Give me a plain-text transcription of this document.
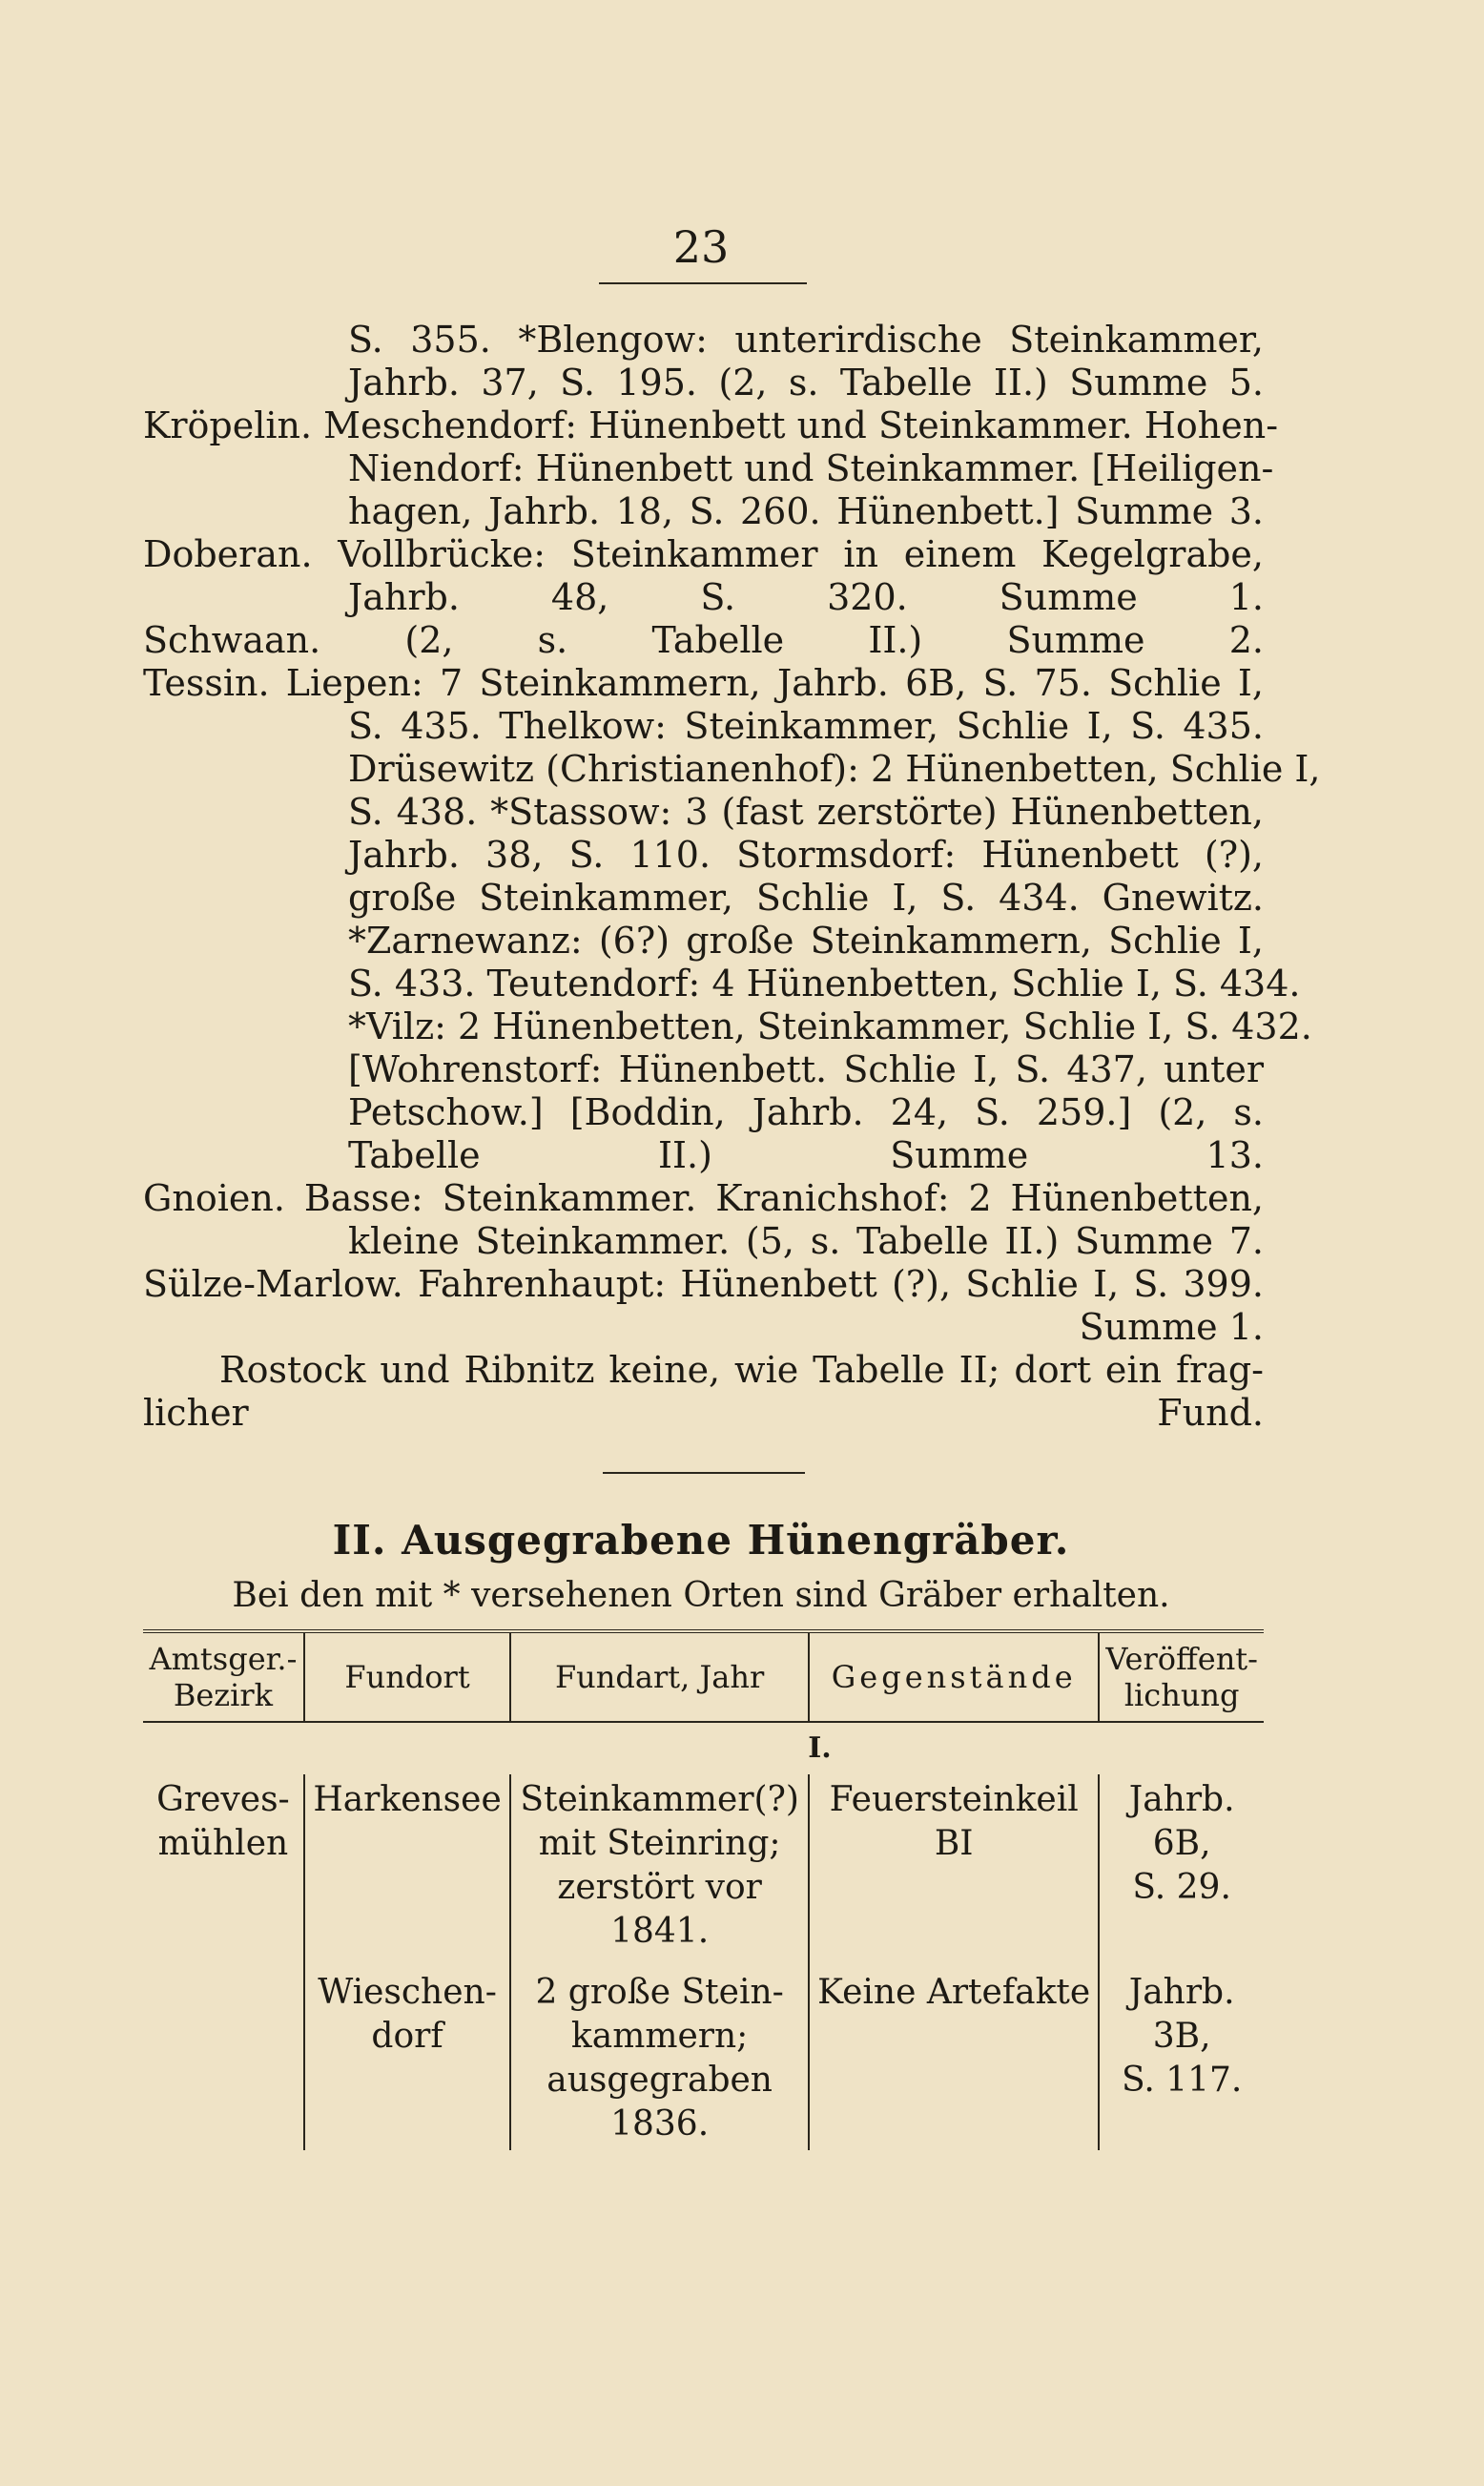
23
S. 355. *Blengow: unterirdische Steinkammer,
Jahrb. 37, S. 195. (2, s. Tabelle II.) Summe 5.
Kröpelin. Meschendorf: Hünenbett und Steinkammer. Hohen-
Niendorf: Hünenbett und Steinkammer. [Heiligen-
hagen, Jahrb. 18, S. 260. Hünenbett.] Summe 3.
Doberan. Vollbrücke: Steinkammer in einem Kegelgrabe,
Jahrb. 48, S. 320. Summe 1.
Schwaan. (2, s. Tabelle II.) Summe 2.
Tessin. Liepen: 7 Steinkammern, Jahrb. 6B, S. 75. Schlie I,
S. 435. Thelkow: Steinkammer, Schlie I, S. 435.
Drüsewitz (Christianenhof): 2 Hünenbetten, Schlie I,
S. 438. *Stassow: 3 (fast zerstörte) Hünenbetten,
Jahrb. 38, S. 110. Stormsdorf: Hünenbett (?),
große Steinkammer, Schlie I, S. 434. Gnewitz.
*Zarnewanz: (6?) große Steinkammern, Schlie I,
S. 433. Teutendorf: 4 Hünenbetten, Schlie I, S. 434.
*Vilz: 2 Hünenbetten, Steinkammer, Schlie I, S. 432.
[Wohrenstorf: Hünenbett. Schlie I, S. 437, unter
Petschow.] [Boddin, Jahrb. 24, S. 259.] (2, s.
Tabelle II.) Summe 13.
Gnoien. Basse: Steinkammer. Kranichshof: 2 Hünenbetten,
kleine Steinkammer. (5, s. Tabelle II.) Summe 7.
Sülze-Marlow. Fahrenhaupt: Hünenbett (?), Schlie I, S. 399.
Summe 1.
Rostock und Ribnitz keine, wie Tabelle II; dort ein frag-
licher Fund.
II. Ausgegrabene Hünengräber.
Bei den mit * versehenen Orten sind Gräber erhalten.
Amtsger.-
Bezirk	Fundort	Fundart, Jahr	Gegenstände	Veröffent-
lichung
I.				

Greves-
mühlen	Harkensee	Steinkammer(?)
mit Steinring;
zerstört vor
1841.	Feuersteinkeil BI	Jahrb.
6B,
S. 29.

	Wieschen-
dorf	2 große Stein-
kammern;
ausgegraben
1836.	Keine Artefakte	Jahrb.
3B,
S. 117.
